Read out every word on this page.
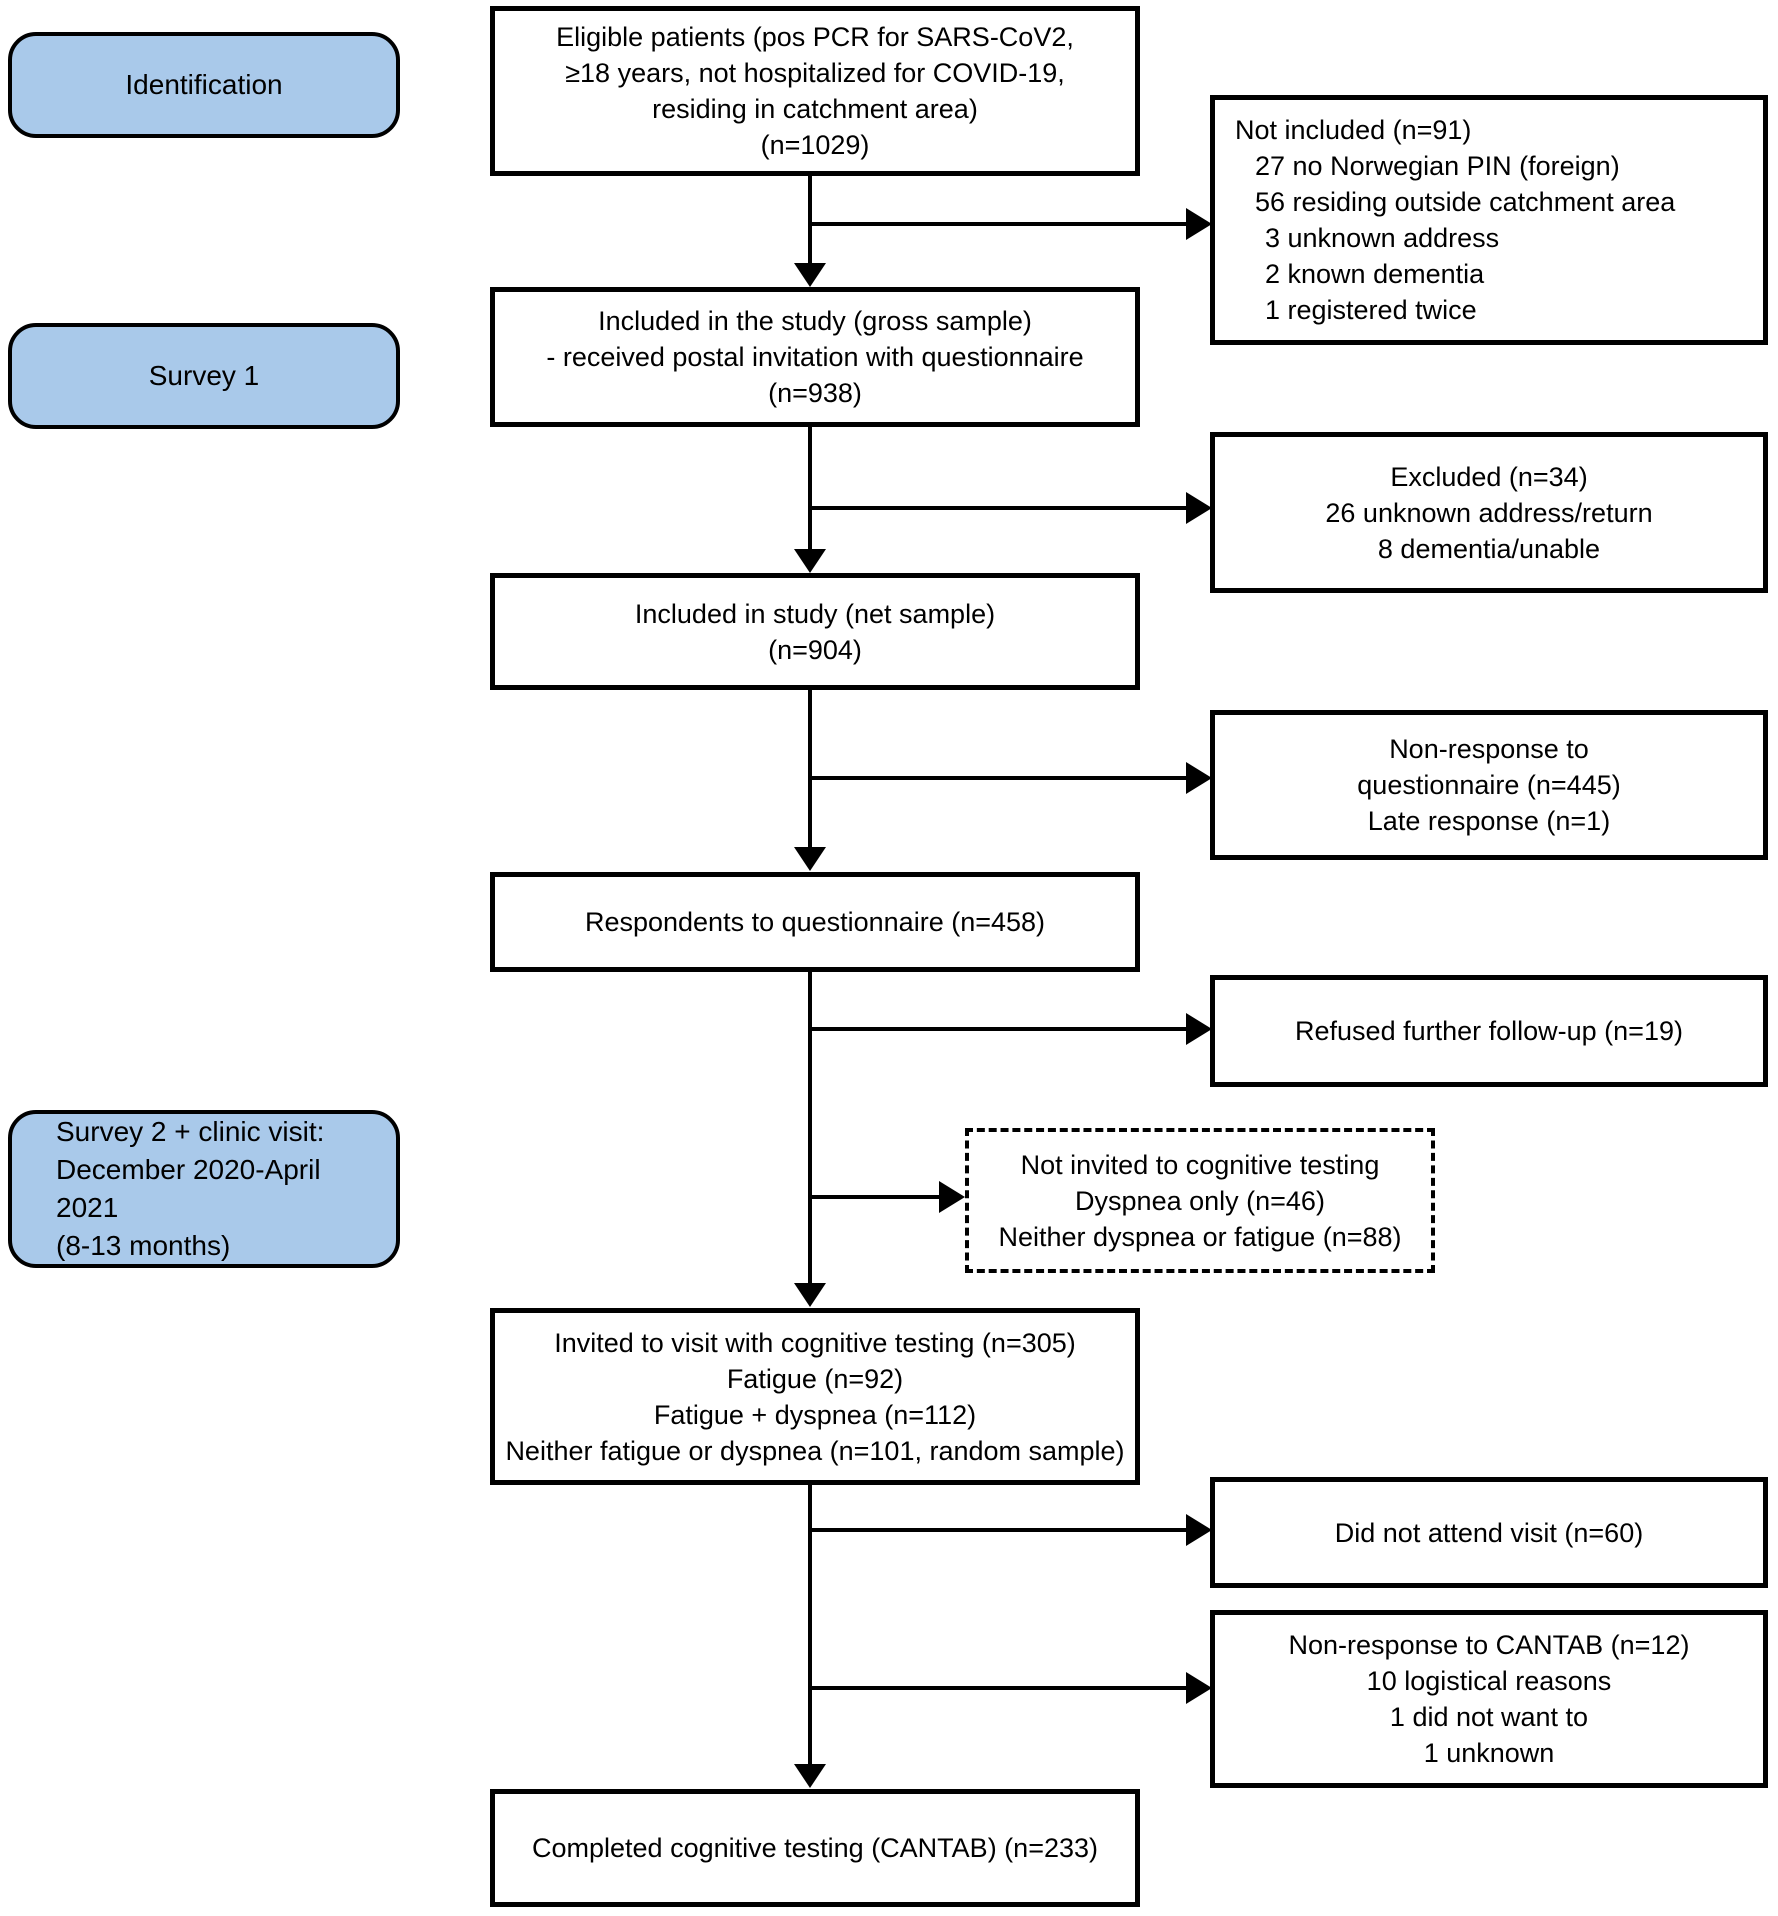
Identification
Survey 1
Survey 2 + clinic visit:
December 2020-April 2021
(8-13 months)
Eligible patients (pos PCR for SARS-CoV2,
≥18 years, not hospitalized for COVID-19,
residing in catchment area)
(n=1029)
Included in the study (gross sample)
- received postal invitation with questionnaire
(n=938)
Included in study (net sample)
(n=904)
Respondents to questionnaire (n=458)
Invited to visit with cognitive testing (n=305)
Fatigue (n=92)
Fatigue + dyspnea (n=112)
Neither fatigue or dyspnea (n=101, random sample)
Completed cognitive testing (CANTAB) (n=233)
Not included (n=91)
27 no Norwegian PIN (foreign)
56 residing outside catchment area
3 unknown address
2 known dementia
1 registered twice
Excluded (n=34)
26 unknown address/return
8 dementia/unable
Non-response to
questionnaire (n=445)
Late response (n=1)
Refused further follow-up (n=19)
Not invited to cognitive testing
Dyspnea only (n=46)
Neither dyspnea or fatigue (n=88)
Did not attend visit (n=60)
Non-response to CANTAB (n=12)
10 logistical reasons
1 did not want to
1 unknown
